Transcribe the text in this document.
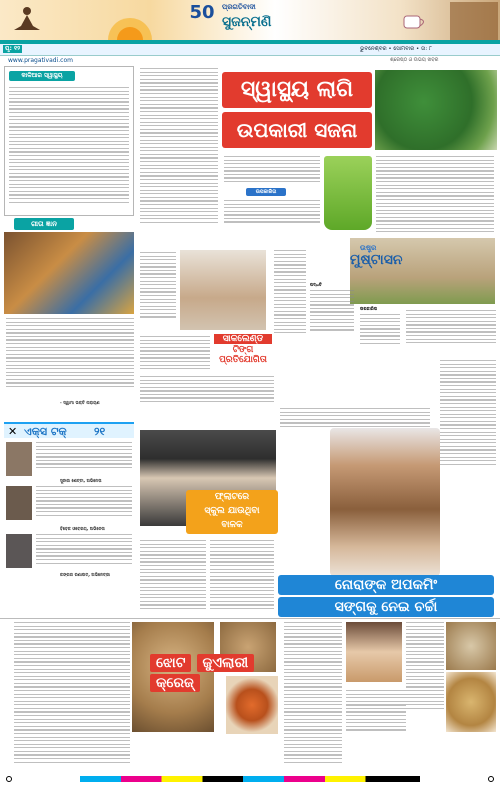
50 ପ୍ରଗତିବାଦୀ
ସୁଜନ୍ମଣି
ପୃ: ୧୨	ଭୁବନେଶ୍ବର • ସୋମବାର • ତା: ୮
www.pragativadi.com	ଶ୍ରେଷ୍ଠ ଓ ଉଭୟ ଖବର
କାଳିଆର ସ୍ୱାସ୍ଥ୍ୟ
ଗୀତା ଜ୍ଞାନ
- ସ୍ୱାମୀ ଭକ୍ତି ନାରାୟଣ
ସ୍ୱାସ୍ଥ୍ୟ ଲାଗି
ଉପକାରୀ ସଜନା
ଉପକାରିତା
ସାକଲେଣ୍ଡ
ଟିଙ୍ଗ
ପ୍ରତିଯୋଗିତା
ଉଷ୍ଟ୍ର
ମୁଷ୍ଟାସନ
ପଦ୍ଧତି
ଉପକାରିତା
ନୋରାଙ୍କ ଅପକମିଂ
ସଙ୍ଗକୁ ନେଇ ଚର୍ଚ୍ଚା
✕ ଏକ୍ସ ଟକ୍ ୨୧
ସୁନୀଲ ଶେଟ୍ଟୀ, ଅଭିନେତା
ବିବେକ ଓବେରୟ, ଅଭିନେତା
କଙ୍ଗନା ରଣାଉତ୍, ଅଭିନେତ୍ରୀ
ଫ୍ଲାଟରେ
ସ୍କୁଲ ଯାଉଥିବା
ବାଳକ
ଝୋଟ ଜୁଏଲାରୀ କ୍ରେଜ୍
